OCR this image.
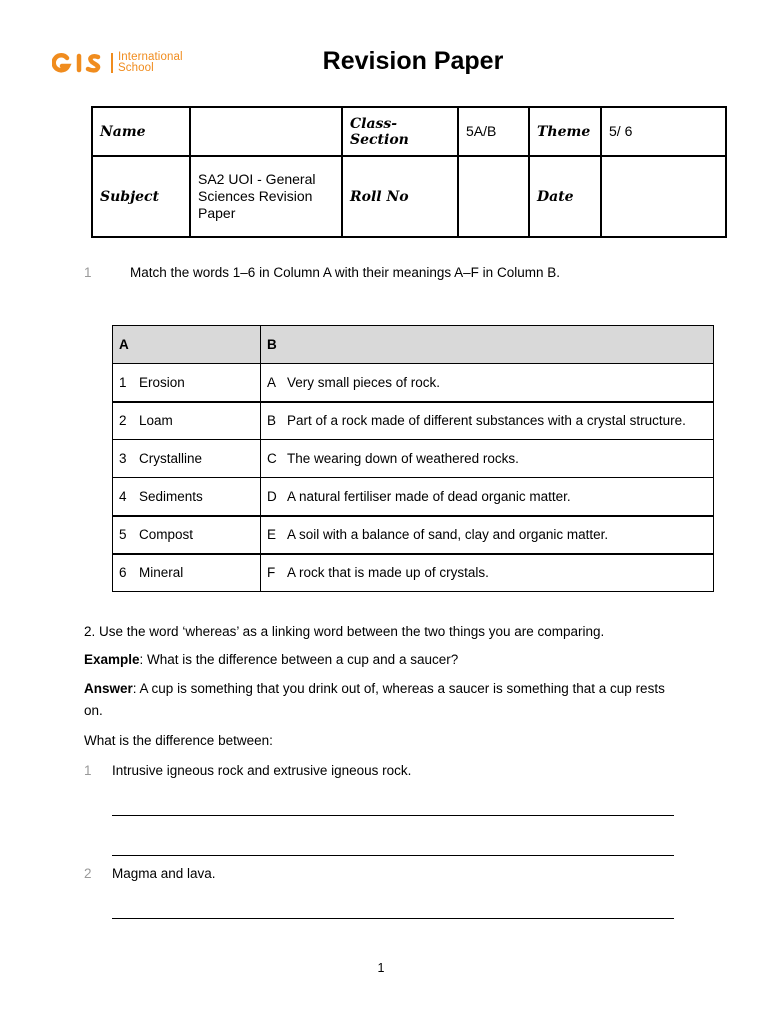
International
School	Revision Paper
Name		Class-Section	5A/B	Theme	5/ 6
Subject	SA2 UOI - General Sciences Revision Paper	Roll No		Date	
1	Match the words 1–6 in Column A with their meanings A–F in Column B.
A	B
1 Erosion	A Very small pieces of rock.
2 Loam	B Part of a rock made of different substances with a crystal structure.
3 Crystalline	C The wearing down of weathered rocks.
4 Sediments	D A natural fertiliser made of dead organic matter.
5 Compost	E A soil with a balance of sand, clay and organic matter.
6 Mineral	F A rock that is made up of crystals.
2. Use the word ‘whereas’ as a linking word between the two things you are comparing.
Example: What is the difference between a cup and a saucer?
Answer: A cup is something that you drink out of, whereas a saucer is something that a cup rests on.
What is the difference between:
1 Intrusive igneous rock and extrusive igneous rock.
2 Magma and lava.
1
